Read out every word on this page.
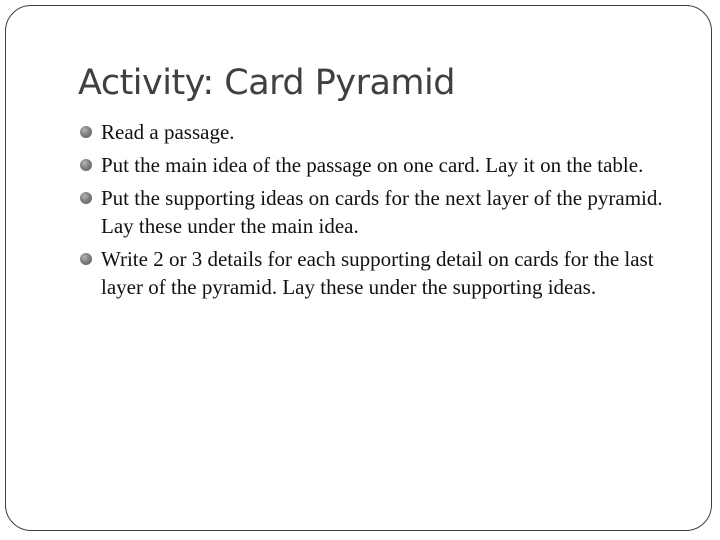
Activity: Card Pyramid
Read a passage.
Put the main idea of the passage on one card. Lay it on the table.
Put the supporting ideas on cards for the next layer of the pyramid. Lay these under the main idea.
Write 2 or 3 details for each supporting detail on cards for the last layer of the pyramid. Lay these under the supporting ideas.
